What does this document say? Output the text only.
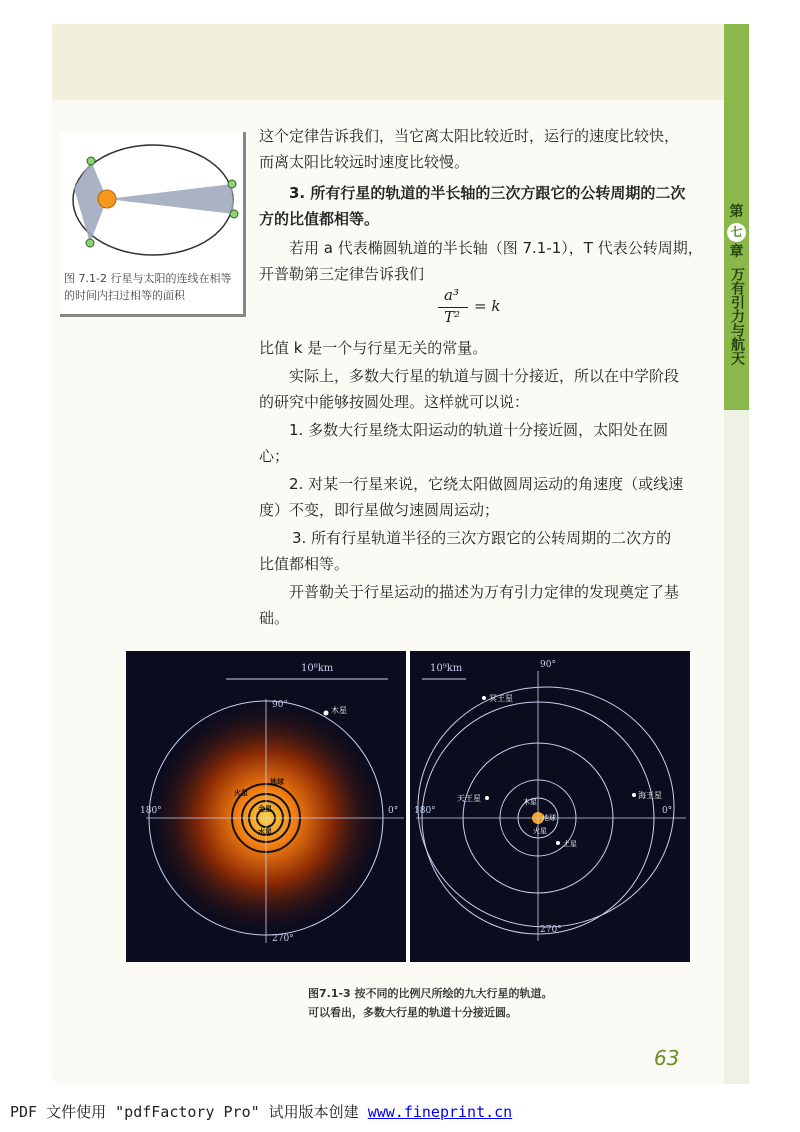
第
七
章
万有引力与航天
图 7.1-2 行星与太阳的连线在相等的时间内扫过相等的面积

这个定律告诉我们，当它离太阳比较近时，运行的速度比较快，

而离太阳比较远时速度比较慢。

3. 所有行星的轨道的半长轴的三次方跟它的公转周期的二次

方的比值都相等。

若用 a 代表椭圆轨道的半长轴（图 7.1-1），T 代表公转周期，

开普勒第三定律告诉我们

a³
T²
= k

比值 k 是一个与行星无关的常量。

实际上，多数大行星的轨道与圆十分接近，所以在中学阶段

的研究中能够按圆处理。这样就可以说：

1. 多数大行星绕太阳运动的轨道十分接近圆，太阳处在圆

心；

2. 对某一行星来说，它绕太阳做圆周运动的角速度（或线速

度）不变，即行星做匀速圆周运动；

3. 所有行星轨道半径的三次方跟它的公转周期的二次方的

比值都相等。

开普勒关于行星运动的描述为万有引力定律的发现奠定了基

础。

10⁸km
90°
180°	0°
270°
木星
地球
火星
金星
水星
10⁹km	90°
180°	0°
270°
冥王星
天王星	海王星
木星
地球
火星
土星
图7.1-3 按不同的比例尺所绘的九大行星的轨道。
可以看出，多数大行星的轨道十分接近圆。
63
PDF 文件使用 "pdfFactory Pro" 试用版本创建 www.fineprint.cn
